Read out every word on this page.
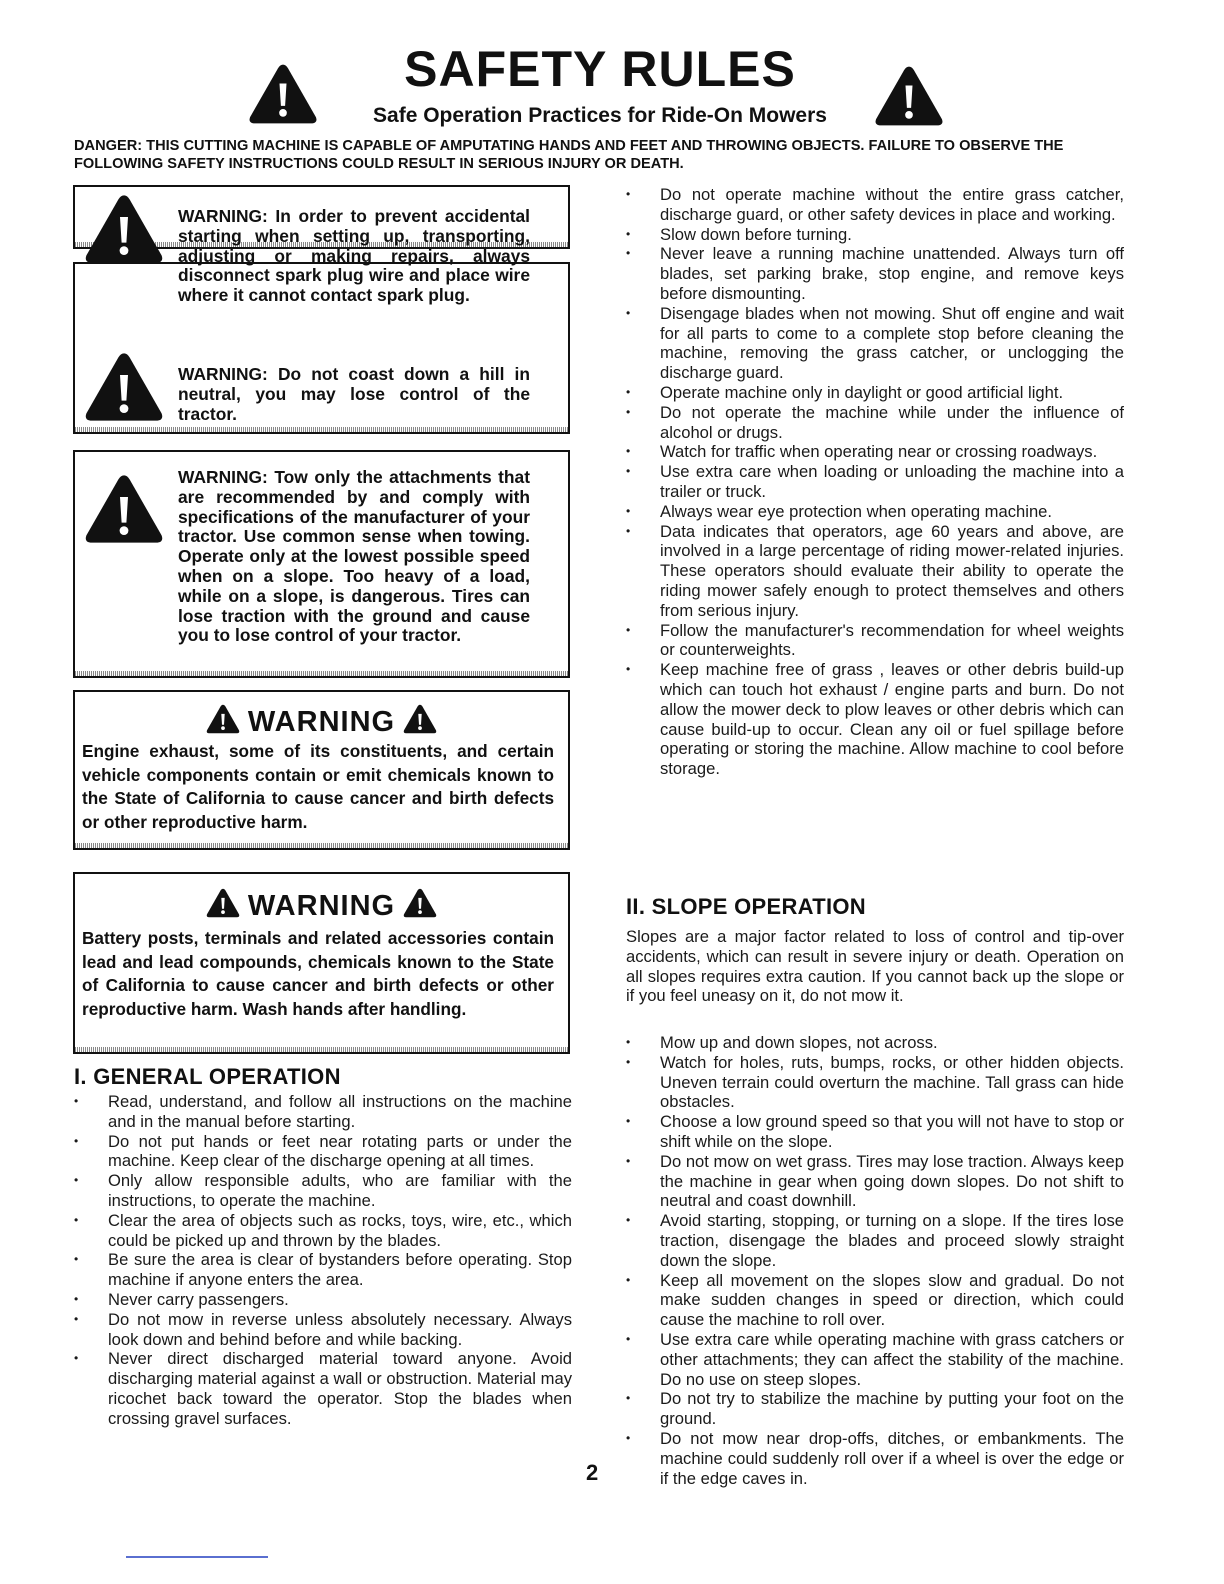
SAFETY RULES
Safe Operation Practices for Ride-On Mowers
DANGER: THIS CUTTING MACHINE IS CAPABLE OF AMPUTATING HANDS AND FEET AND THROWING OBJECTS. FAILURE TO OBSERVE THE FOLLOWING SAFETY INSTRUCTIONS COULD RESULT IN SERIOUS INJURY OR DEATH.
WARNING: In order to prevent accidental starting when setting up, transporting, adjusting or making repairs, always disconnect spark plug wire and place wire where it cannot contact spark plug.
WARNING: Do not coast down a hill in neutral, you may lose control of the tractor.
WARNING: Tow only the attachments that are recommended by and comply with specifications of the manufacturer of your tractor. Use common sense when towing. Operate only at the lowest possible speed when on a slope. Too heavy of a load, while on a slope, is dangerous. Tires can lose traction with the ground and cause you to lose control of your tractor.
WARNING
Engine exhaust, some of its constituents, and certain vehicle components contain or emit chemicals known to the State of California to cause cancer and birth defects or other reproductive harm.
WARNING
Battery posts, terminals and related accessories contain lead and lead compounds, chemicals known to the State of California to cause cancer and birth defects or other reproductive harm. Wash hands after handling.
I. GENERAL OPERATION
• Read, understand, and follow all instructions on the machine and in the manual before starting.
• Do not put hands or feet near rotating parts or under the machine. Keep clear of the discharge opening at all times.
• Only allow responsible adults, who are familiar with the instructions, to operate the machine.
• Clear the area of objects such as rocks, toys, wire, etc., which could be picked up and thrown by the blades.
• Be sure the area is clear of bystanders before operating. Stop machine if anyone enters the area.
• Never carry passengers.
• Do not mow in reverse unless absolutely necessary. Always look down and behind before and while backing.
• Never direct discharged material toward anyone. Avoid discharging material against a wall or obstruction. Material may ricochet back toward the operator. Stop the blades when crossing gravel surfaces.
• Do not operate machine without the entire grass catcher, discharge guard, or other safety devices in place and working.
• Slow down before turning.
• Never leave a running machine unattended. Always turn off blades, set parking brake, stop engine, and remove keys before dismounting.
• Disengage blades when not mowing. Shut off engine and wait for all parts to come to a complete stop before cleaning the machine, removing the grass catcher, or unclogging the discharge guard.
• Operate machine only in daylight or good artificial light.
• Do not operate the machine while under the influence of alcohol or drugs.
• Watch for traffic when operating near or crossing roadways.
• Use extra care when loading or unloading the machine into a trailer or truck.
• Always wear eye protection when operating machine.
• Data indicates that operators, age 60 years and above, are involved in a large percentage of riding mower-related injuries. These operators should evaluate their ability to operate the riding mower safely enough to protect themselves and others from serious injury.
• Follow the manufacturer's recommendation for wheel weights or counterweights.
• Keep machine free of grass , leaves or other debris build-up which can touch hot exhaust / engine parts and burn. Do not allow the mower deck to plow leaves or other debris which can cause build-up to occur. Clean any oil or fuel spillage before operating or storing the machine. Allow machine to cool before storage.
II. SLOPE OPERATION
Slopes are a major factor related to loss of control and tip-over accidents, which can result in severe injury or death. Operation on all slopes requires extra caution. If you cannot back up the slope or if you feel uneasy on it, do not mow it.
• Mow up and down slopes, not across.
• Watch for holes, ruts, bumps, rocks, or other hidden objects. Uneven terrain could overturn the machine. Tall grass can hide obstacles.
• Choose a low ground speed so that you will not have to stop or shift while on the slope.
• Do not mow on wet grass. Tires may lose traction. Always keep the machine in gear when going down slopes. Do not shift to neutral and coast downhill.
• Avoid starting, stopping, or turning on a slope. If the tires lose traction, disengage the blades and proceed slowly straight down the slope.
• Keep all movement on the slopes slow and gradual. Do not make sudden changes in speed or direction, which could cause the machine to roll over.
• Use extra care while operating machine with grass catchers or other attachments; they can affect the stability of the machine. Do no use on steep slopes.
• Do not try to stabilize the machine by putting your foot on the ground.
• Do not mow near drop-offs, ditches, or embankments. The machine could suddenly roll over if a wheel is over the edge or if the edge caves in.
2
